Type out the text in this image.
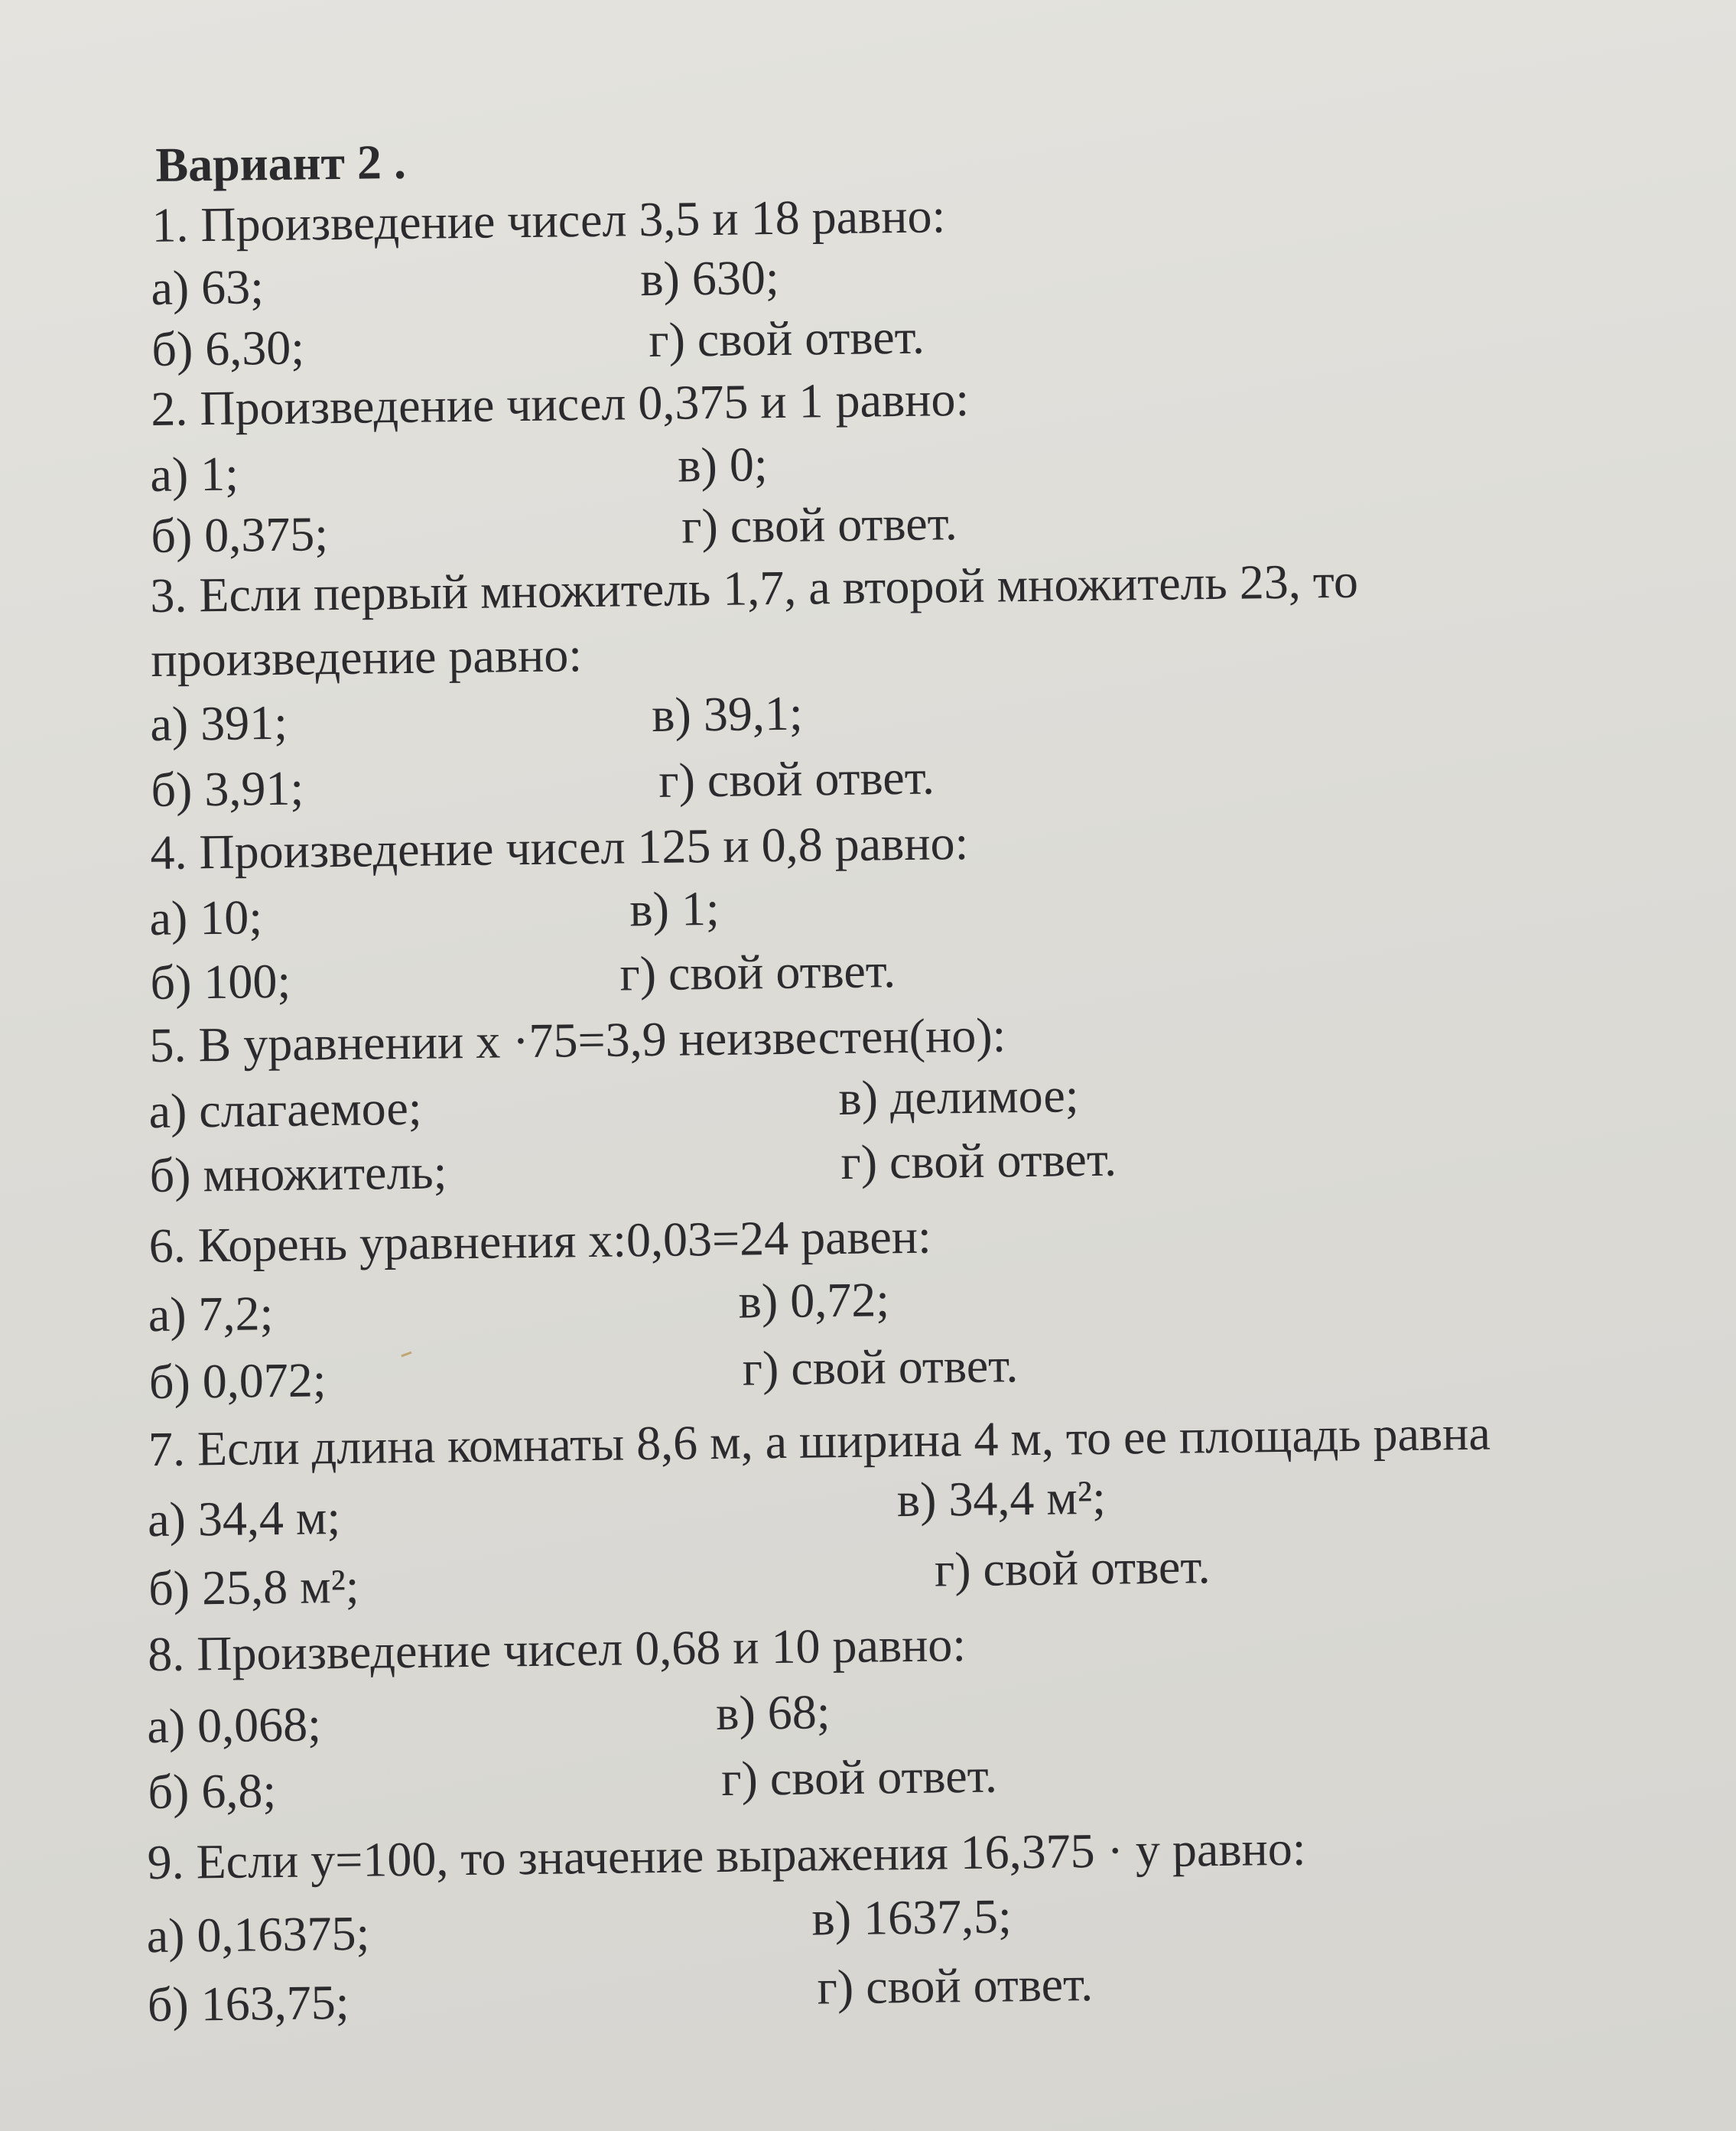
Вариант 2 .
1. Произведение чисел 3,5 и 18 равно:
а) 63;	в) 630;
б) 6,30;	г) свой ответ.
2. Произведение чисел 0,375 и 1 равно:
а) 1;	в) 0;
б) 0,375;	г) свой ответ.
3. Если первый множитель 1,7, а второй множитель 23, то
произведение равно:
а) 391;	в) 39,1;
б) 3,91;	г) свой ответ.
4. Произведение чисел 125 и 0,8 равно:
а) 10;	в) 1;
б) 100;	г) свой ответ.
5. В уравнении х ·75=3,9 неизвестен(но):
а) слагаемое;	в) делимое;
б) множитель;	г) свой ответ.
6. Корень уравнения х:0,03=24 равен:
а) 7,2;	в) 0,72;
б) 0,072;	г) свой ответ.
7. Если длина комнаты 8,6 м, а ширина 4 м, то ее площадь равна
а) 34,4 м;	в) 34,4 м²;
б) 25,8 м²;	г) свой ответ.
8. Произведение чисел 0,68 и 10 равно:
а) 0,068;	в) 68;
б) 6,8;	г) свой ответ.
9. Если у=100, то значение выражения 16,375 · у равно:
а) 0,16375;	в) 1637,5;
б) 163,75;	г) свой ответ.
